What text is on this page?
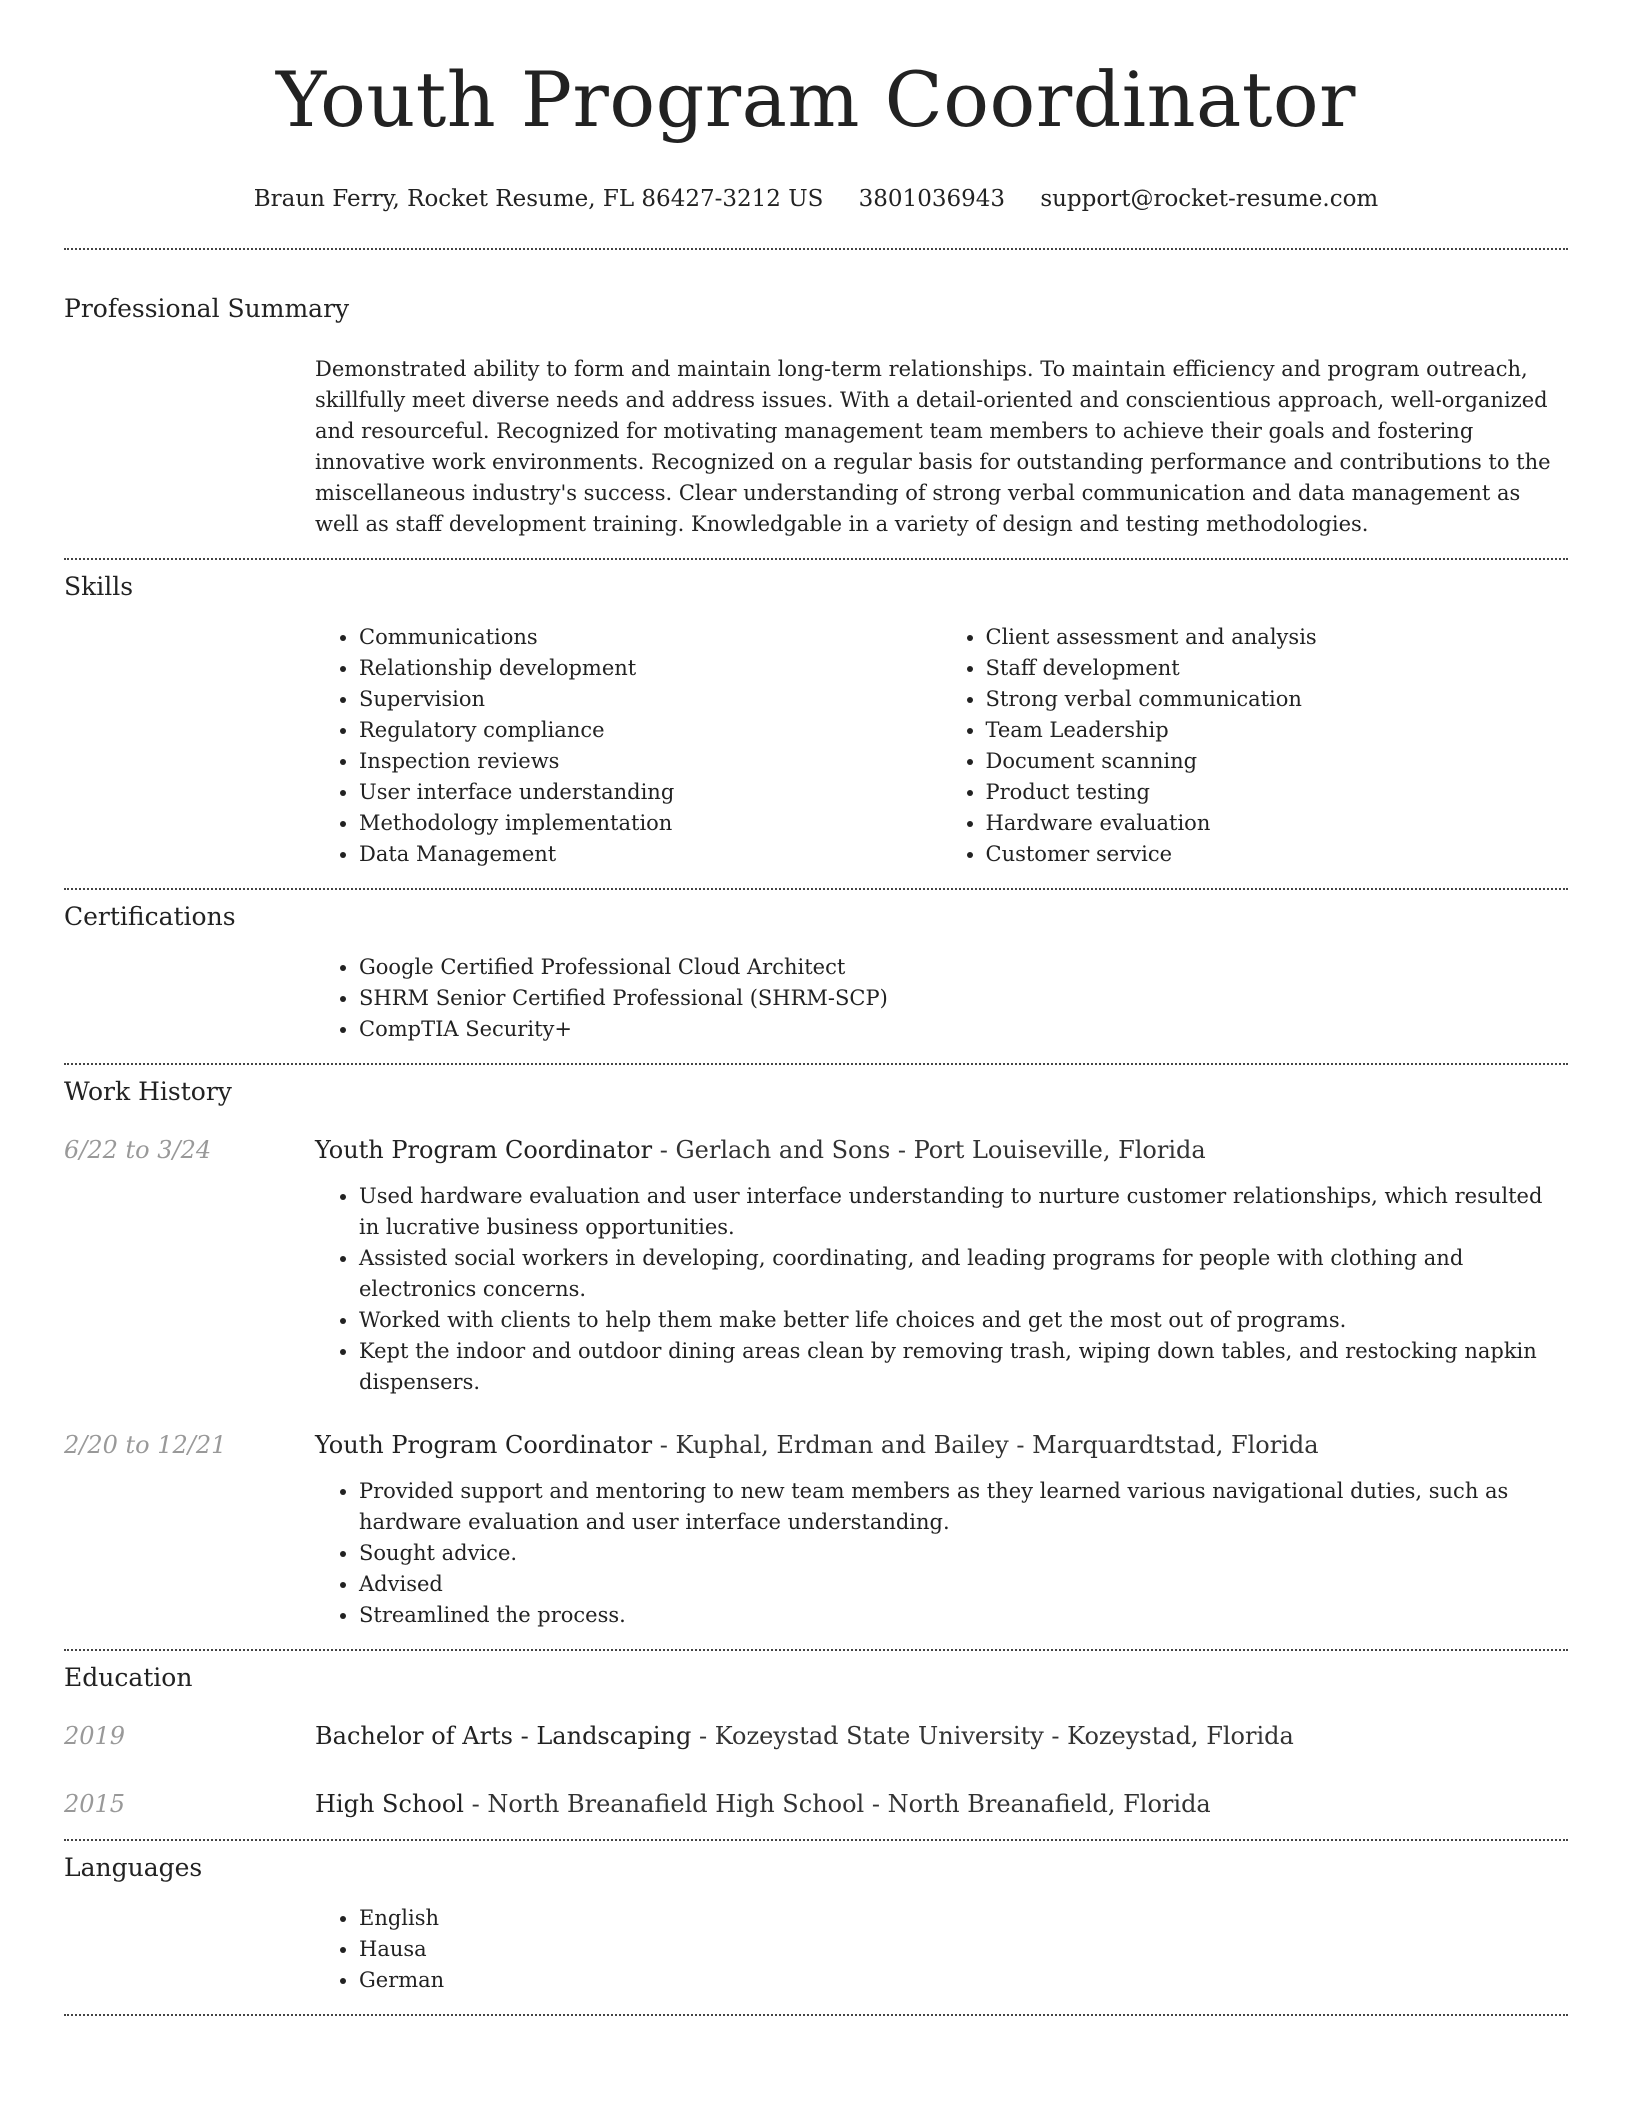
Youth Program Coordinator
Braun Ferry, Rocket Resume, FL 86427-3212 US 3801036943 support@rocket-resume.com
Professional Summary
Demonstrated ability to form and maintain long-term relationships. To maintain efficiency and program outreach, skillfully meet diverse needs and address issues. With a detail-oriented and conscientious approach, well-organized and resourceful. Recognized for motivating management team members to achieve their goals and fostering innovative work environments. Recognized on a regular basis for outstanding performance and contributions to the miscellaneous industry's success. Clear understanding of strong verbal communication and data management as well as staff development training. Knowledgable in a variety of design and testing methodologies.
Skills
• Communications
• Relationship development
• Supervision
• Regulatory compliance
• Inspection reviews
• User interface understanding
• Methodology implementation
• Data Management
• Client assessment and analysis
• Staff development
• Strong verbal communication
• Team Leadership
• Document scanning
• Product testing
• Hardware evaluation
• Customer service
Certifications
• Google Certified Professional Cloud Architect
• SHRM Senior Certified Professional (SHRM-SCP)
• CompTIA Security+
Work History
6/22 to 3/24	Youth Program Coordinator - Gerlach and Sons - Port Louiseville, Florida
• Used hardware evaluation and user interface understanding to nurture customer relationships, which resulted in lucrative business opportunities.
• Assisted social workers in developing, coordinating, and leading programs for people with clothing and electronics concerns.
• Worked with clients to help them make better life choices and get the most out of programs.
• Kept the indoor and outdoor dining areas clean by removing trash, wiping down tables, and restocking napkin dispensers.
2/20 to 12/21	Youth Program Coordinator - Kuphal, Erdman and Bailey - Marquardtstad, Florida
• Provided support and mentoring to new team members as they learned various navigational duties, such as hardware evaluation and user interface understanding.
• Sought advice.
• Advised
• Streamlined the process.
Education
2019	Bachelor of Arts - Landscaping - Kozeystad State University - Kozeystad, Florida
2015	High School - North Breanafield High School - North Breanafield, Florida
Languages
• English
• Hausa
• German
